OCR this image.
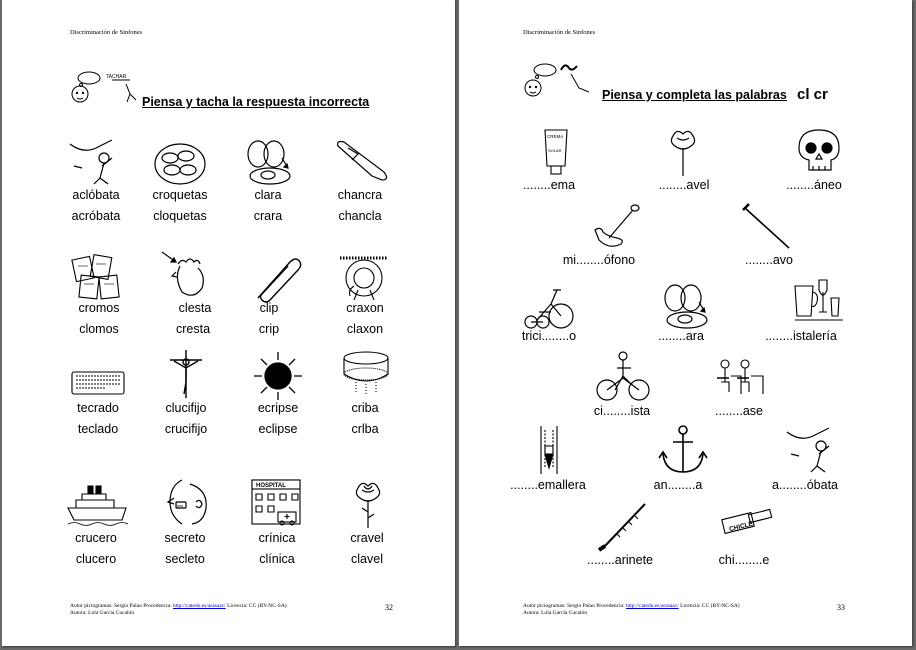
Discriminación de Sinfones
TACHAR
Piensa y tacha la respuesta incorrecta
aclóbata
acróbata
croquetas
cloquetas
clara
crara
chancra
chancla
cromos
clomos
clesta
cresta
clip
crip
craxon
claxon
tecrado
teclado
clucifijo
crucifijo
ecripse
eclipse
criba
crlba
crucero
clucero
pss
secreto
secleto
HOSPITAL
crínica
clínica
cravel
clavel
Autor pictogramas: Sergio Palao Procedencia: http://catedu.es/arasaac/ Licencia: CC (BY-NC-SA)
Autora: Lola García Cucalón
32
Discriminación de Sinfones
Piensa y completa las palabras cl cr
CREMA
SOLAR
........ema	........avel	........áneo
mi........ófono	........avo
trici........o	........ara	........istalería
ci........ista	........ase
........emallera	an........a	a........óbata
........arinete
CHICLE
chi........e
Autor pictogramas: Sergio Palao Procedencia: http://catedu.es/arasaac/ Licencia: CC (BY-NC-SA)
Autora: Lola García Cucalón
33
